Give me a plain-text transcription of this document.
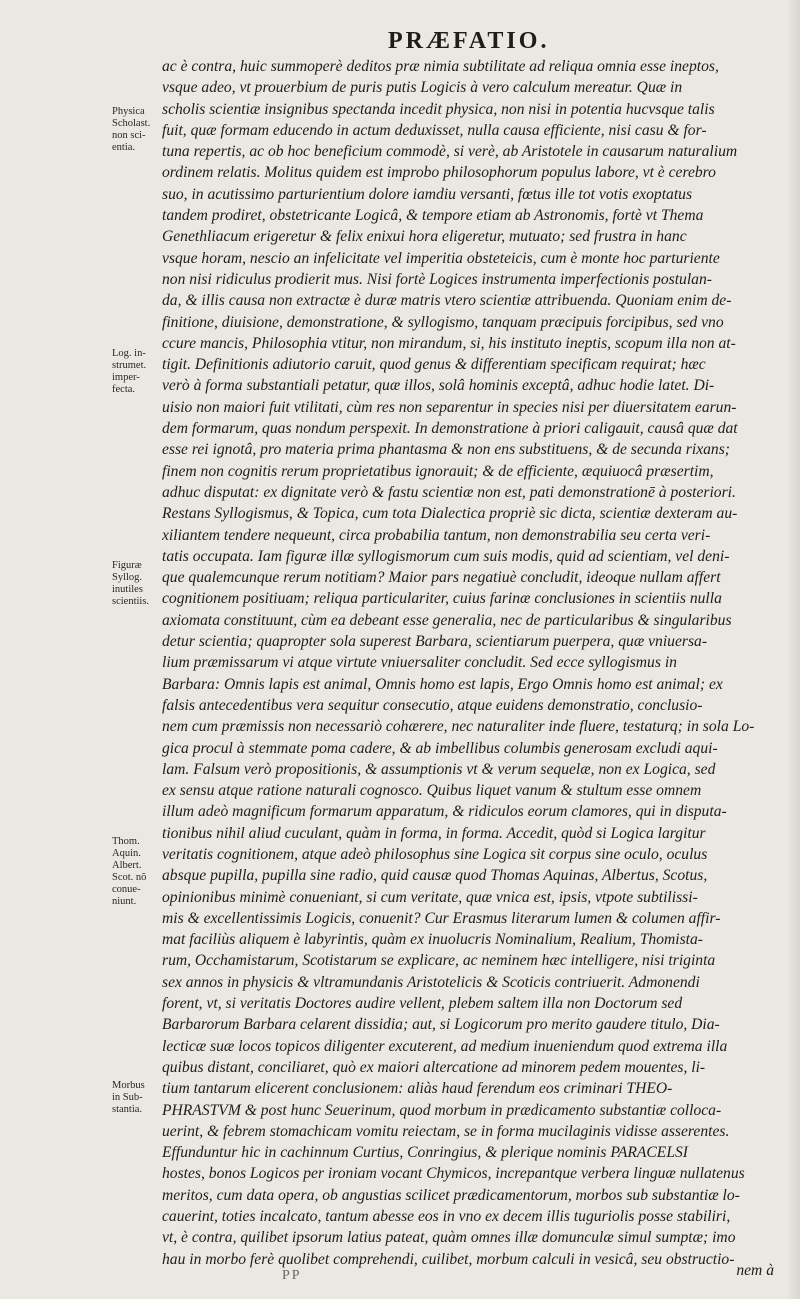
PRÆFATIO.
Physica
Scholast.
non sci-
entia.
Log. in-
strumet.
imper-
fecta.
Figuræ
Syllog.
inutiles
scientiis.
Thom.
Aquin.
Albert.
Scot. nõ
conue-
niunt.
Morbus
in Sub-
stantia.
ac è contra, huic summoperè deditos præ nimia subtilitate ad reliqua omnia esse ineptos,
vsque adeo, vt prouerbium de puris putis Logicis à vero calculum mereatur. Quæ in
scholis scientiæ insignibus spectanda incedit physica, non nisi in potentia hucvsque talis
fuit, quæ formam educendo in actum deduxisset, nulla causa efficiente, nisi casu & for-
tuna repertis, ac ob hoc beneficium commodè, si verè, ab Aristotele in causarum naturalium
ordinem relatis. Molitus quidem est improbo philosophorum populus labore, vt è cerebro
suo, in acutissimo parturientium dolore iamdiu versanti, fœtus ille tot votis exoptatus
tandem prodiret, obstetricante Logicâ, & tempore etiam ab Astronomis, fortè vt Thema
Genethliacum erigeretur & felix enixui hora eligeretur, mutuato; sed frustra in hanc
vsque horam, nescio an infelicitate vel imperitia obsteteicis, cum è monte hoc parturiente
non nisi ridiculus prodierit mus. Nisi fortè Logices instrumenta imperfectionis postulan-
da, & illis causa non extractæ è duræ matris vtero scientiæ attribuenda. Quoniam enim de-
finitione, diuisione, demonstratione, & syllogismo, tanquam præcipuis forcipibus, sed vno
ccure mancis, Philosophia vtitur, non mirandum, si, his instituto ineptis, scopum illa non at-
tigit. Definitionis adiutorio caruit, quod genus & differentiam specificam requirat; hæc
verò à forma substantiali petatur, quæ illos, solâ hominis exceptâ, adhuc hodie latet. Di-
uisio non maiori fuit vtilitati, cùm res non separentur in species nisi per diuersitatem earun-
dem formarum, quas nondum perspexit. In demonstratione à priori caligauit, causâ quæ dat
esse rei ignotâ, pro materia prima phantasma & non ens substituens, & de secunda rixans;
finem non cognitis rerum proprietatibus ignorauit; & de efficiente, æquiuocâ præsertim,
adhuc disputat: ex dignitate verò & fastu scientiæ non est, pati demonstrationē à posteriori.
Restans Syllogismus, & Topica, cum tota Dialectica propriè sic dicta, scientiæ dexteram au-
xiliantem tendere nequeunt, circa probabilia tantum, non demonstrabilia seu certa veri-
tatis occupata. Iam figuræ illæ syllogismorum cum suis modis, quid ad scientiam, vel deni-
que qualemcunque rerum notitiam? Maior pars negatiuè concludit, ideoque nullam affert
cognitionem positiuam; reliqua particulariter, cuius farinæ conclusiones in scientiis nulla
axiomata constituunt, cùm ea debeant esse generalia, nec de particularibus & singularibus
detur scientia; quapropter sola superest Barbara, scientiarum puerpera, quæ vniuersa-
lium præmissarum vi atque virtute vniuersaliter concludit. Sed ecce syllogismus in
Barbara: Omnis lapis est animal, Omnis homo est lapis, Ergo Omnis homo est animal; ex
falsis antecedentibus vera sequitur consecutio, atque euidens demonstratio, conclusio-
nem cum præmissis non necessariò cohærere, nec naturaliter inde fluere, testaturq; in sola Lo-
gica procul à stemmate poma cadere, & ab imbellibus columbis generosam excludi aqui-
lam. Falsum verò propositionis, & assumptionis vt & verum sequelæ, non ex Logica, sed
ex sensu atque ratione naturali cognosco. Quibus liquet vanum & stultum esse omnem
illum adeò magnificum formarum apparatum, & ridiculos eorum clamores, qui in disputa-
tionibus nihil aliud cuculant, quàm in forma, in forma. Accedit, quòd si Logica largitur
veritatis cognitionem, atque adeò philosophus sine Logica sit corpus sine oculo, oculus
absque pupilla, pupilla sine radio, quid causæ quod Thomas Aquinas, Albertus, Scotus,
opinionibus minimè conueniant, si cum veritate, quæ vnica est, ipsis, vtpote subtilissi-
mis & excellentissimis Logicis, conuenit? Cur Erasmus literarum lumen & columen affir-
mat faciliùs aliquem è labyrintis, quàm ex inuolucris Nominalium, Realium, Thomista-
rum, Occhamistarum, Scotistarum se explicare, ac neminem hæc intelligere, nisi triginta
sex annos in physicis & vltramundanis Aristotelicis & Scoticis contriuerit. Admonendi
forent, vt, si veritatis Doctores audire vellent, plebem saltem illa non Doctorum sed
Barbarorum Barbara celarent dissidia; aut, si Logicorum pro merito gaudere titulo, Dia-
lecticæ suæ locos topicos diligenter excuterent, ad medium inueniendum quod extrema illa
quibus distant, conciliaret, quò ex maiori altercatione ad minorem pedem mouentes, li-
tium tantarum elicerent conclusionem: aliàs haud ferendum eos criminari THEO-
PHRASTVM & post hunc Seuerinum, quod morbum in prædicamento substantiæ colloca-
uerint, & febrem stomachicam vomitu reiectam, se in forma mucilaginis vidisse asserentes.
Effunduntur hic in cachinnum Curtius, Conringius, & plerique nominis PARACELSI
hostes, bonos Logicos per ironiam vocant Chymicos, increpantque verbera linguæ nullatenus
meritos, cum data opera, ob angustias scilicet prædicamentorum, morbos sub substantiæ lo-
cauerint, toties incalcato, tantum abesse eos in vno ex decem illis tuguriolis posse stabiliri,
vt, è contra, quilibet ipsorum latius pateat, quàm omnes illæ domunculæ simul sumptæ; imo
hau in morbo ferè quolibet comprehendi, cuilibet, morbum calculi in vesicâ, seu obstructio-
PP	nem à
